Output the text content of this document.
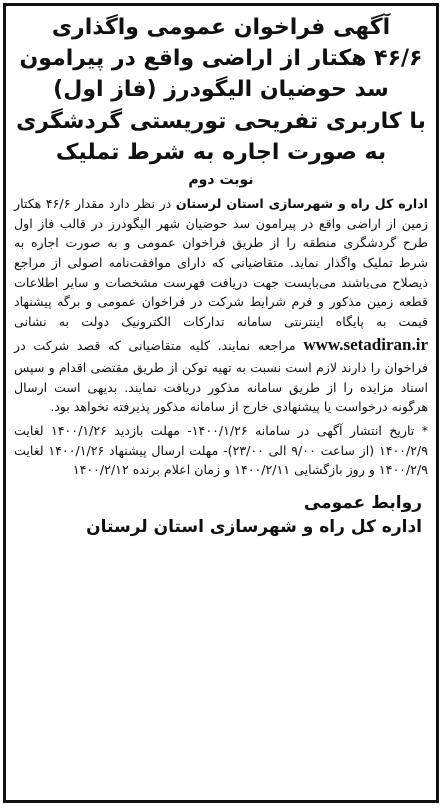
آگهی فراخوان عمومی واگذاری

۴۶/۶ هکتار از اراضی واقع در پیرامون

سد حوضیان الیگودرز (فاز اول)

با کاربری تفریحی توریستی گردشگری

به صورت اجاره به شرط تملیک

نوبت دوم

اداره کل راه و شهرسازی استان لرستان در نظر دارد مقدار ۴۶/۶ هکتار زمین از اراضی واقع در پیرامون سد حوضیان شهر الیگودرز در قالب فاز اول طرح گردشگری منطقه را از طریق فراخوان عمومی و به صورت اجاره به شرط تملیک واگذار نماید. متقاضیانی که دارای موافقت‌نامه اصولی از مراجع ذیصلاح می‌باشند می‌بایست جهت دریافت فهرست مشخصات و سایر اطلاعات قطعه زمین مذکور و فرم شرایط شرکت در فراخوان عمومی و برگه پیشنهاد قیمت به پایگاه اینترنتی سامانه تدارکات الکترونیک دولت به نشانی www.setadiran.ir مراجعه نمایند. کلیه متقاضیانی که قصد شرکت در فراخوان را دارند لازم است نسبت به تهیه توکن از طریق مقتضی اقدام و سپس اسناد مزایده را از طریق سامانه مذکور دریافت نمایند. بدیهی است ارسال هرگونه درخواست یا پیشنهادی خارج از سامانه مذکور پذیرفته نخواهد بود.

* تاریخ انتشار آگهی در سامانه ۱۴۰۰/۱/۲۶- مهلت بازدید ۱۴۰۰/۱/۲۶ لغایت ۱۴۰۰/۲/۹ (از ساعت ۹/۰۰ الی ۲۳/۰۰)- مهلت ارسال پیشنهاد ۱۴۰۰/۱/۲۶ لغایت ۱۴۰۰/۲/۹ و روز بازگشایی ۱۴۰۰/۲/۱۱ و زمان اعلام برنده ۱۴۰۰/۲/۱۲

روابط عمومی
اداره کل راه و شهرسازی استان لرستان
